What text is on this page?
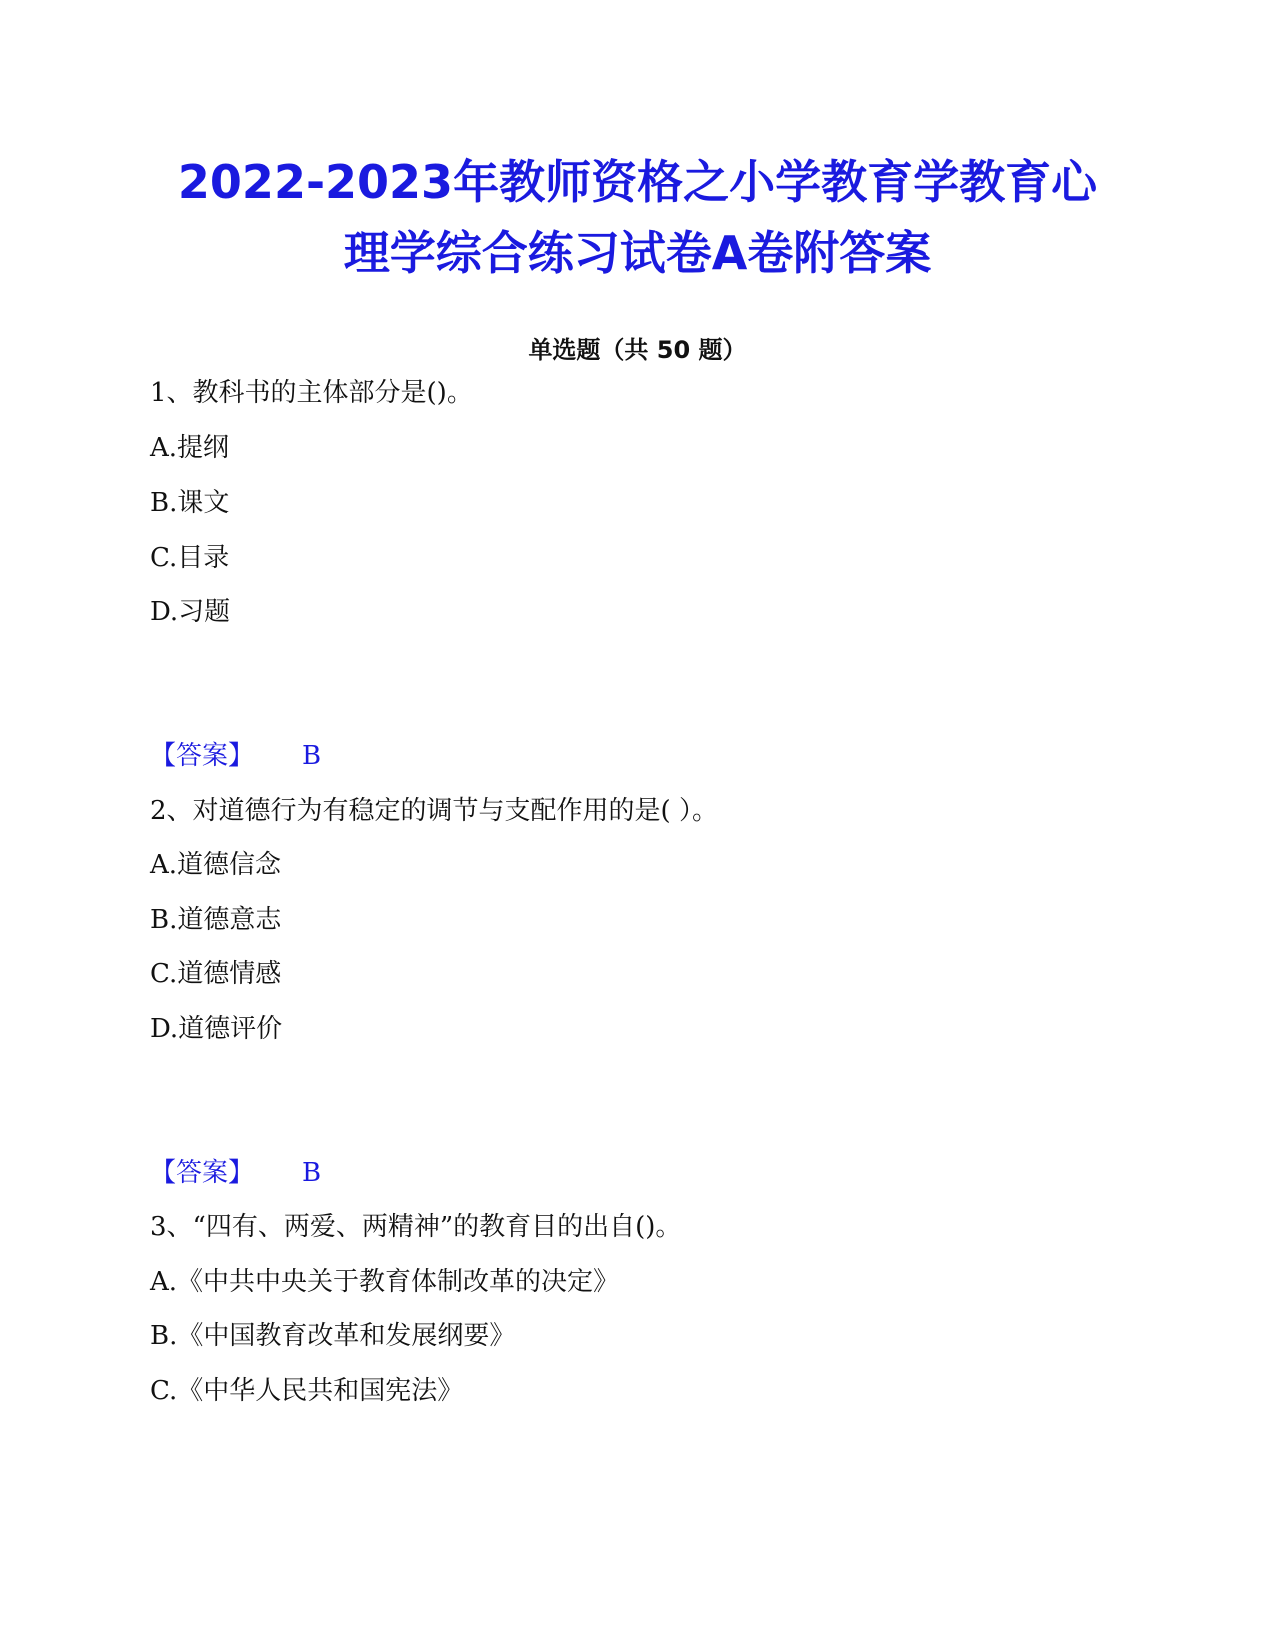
2022-2023年教师资格之小学教育学教育心
理学综合练习试卷A卷附答案
单选题（共 50 题）
1、教科书的主体部分是()。
A.提纲
B.课文
C.目录
D.习题
【答案】 B
2、对道德行为有稳定的调节与支配作用的是( ）。
A.道德信念
B.道德意志
C.道德情感
D.道德评价
【答案】 B
3、“四有、两爱、两精神”的教育目的出自()。
A.《中共中央关于教育体制改革的决定》
B.《中国教育改革和发展纲要》
C.《中华人民共和国宪法》
